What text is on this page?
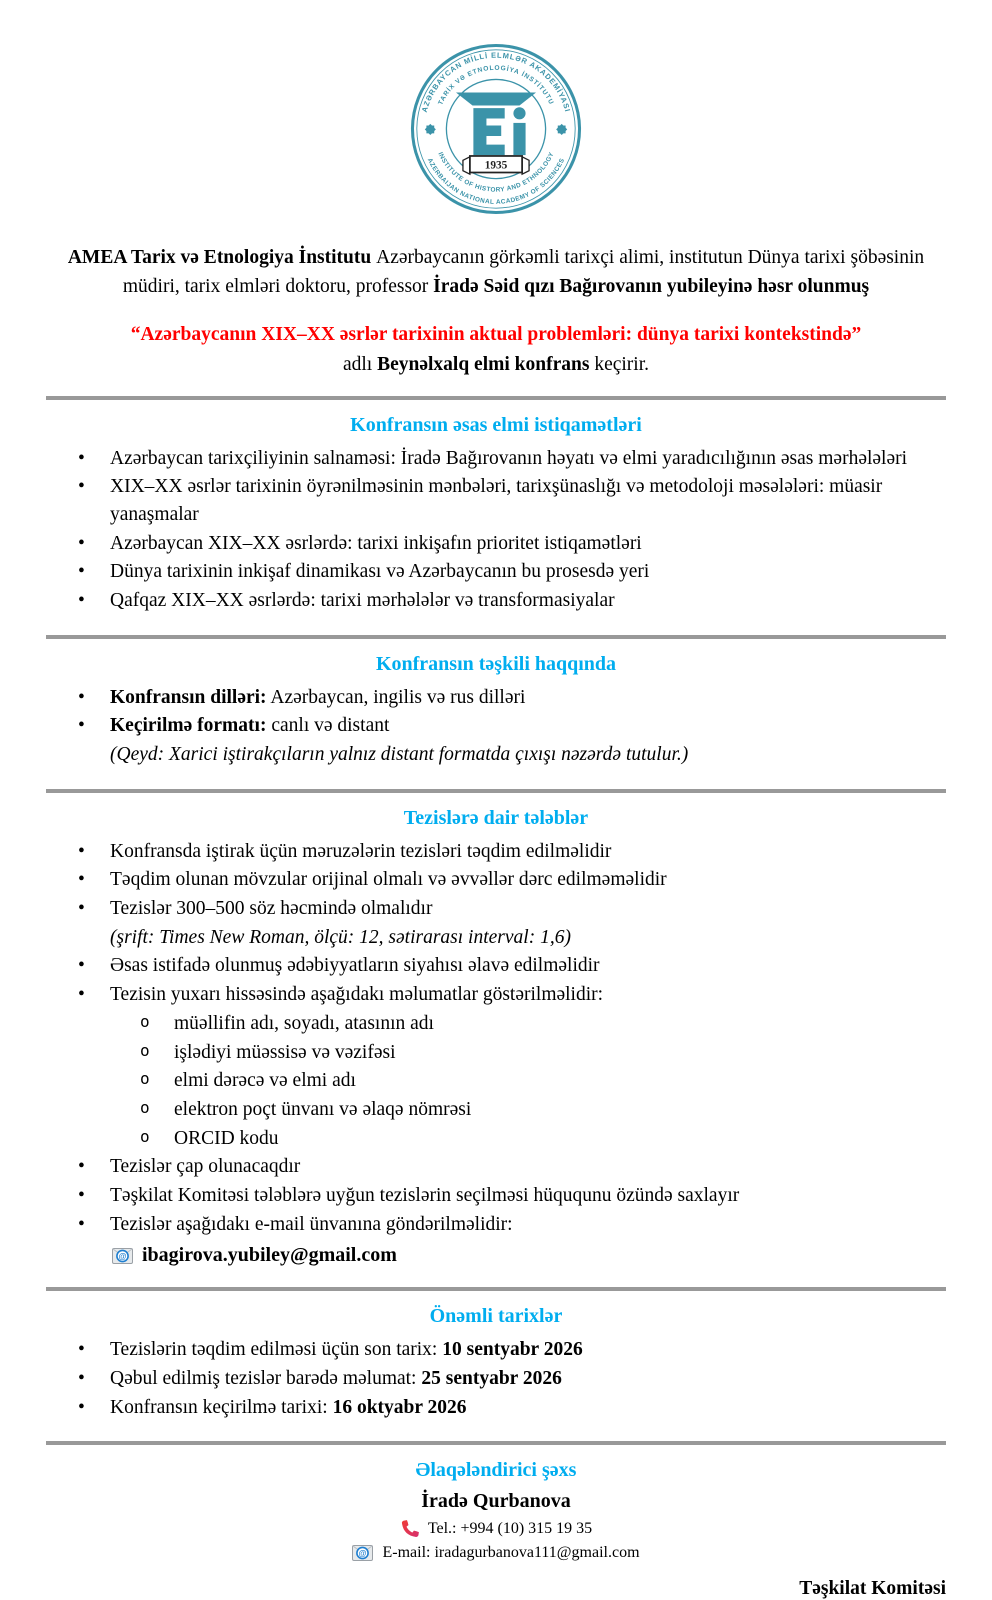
AZƏRBAYCAN MİLLİ ELMLƏR AKADEMİYASI
TARİX VƏ ETNOLOGİYA İNSTİTUTU
INSTITUTE OF HISTORY AND ETHNOLOGY
AZERBAIJAN NATIONAL ACADEMY OF SCIENCES
1935

AMEA Tarix və Etnologiya İnstitutu Azərbaycanın görkəmli tarixçi alimi, institutun Dünya tarixi şöbəsinin müdiri, tarix elmləri doktoru, professor İradə Səid qızı Bağırovanın yubileyinə həsr olunmuş

“Azərbaycanın XIX–XX əsrlər tarixinin aktual problemləri: dünya tarixi kontekstində”

adlı Beynəlxalq elmi konfrans keçirir.

Konfransın əsas elmi istiqamətləri
• Azərbaycan tarixçiliyinin salnaməsi: İradə Bağırovanın həyatı və elmi yaradıcılığının əsas mərhələləri
• XIX–XX əsrlər tarixinin öyrənilməsinin mənbələri, tarixşünaslığı və metodoloji məsələləri: müasir yanaşmalar
• Azərbaycan XIX–XX əsrlərdə: tarixi inkişafın prioritet istiqamətləri
• Dünya tarixinin inkişaf dinamikası və Azərbaycanın bu prosesdə yeri
• Qafqaz XIX–XX əsrlərdə: tarixi mərhələlər və transformasiyalar
Konfransın təşkili haqqında
• Konfransın dilləri: Azərbaycan, ingilis və rus dilləri
• Keçirilmə formatı: canlı və distant
(Qeyd: Xarici iştirakçıların yalnız distant formatda çıxışı nəzərdə tutulur.)
Tezislərə dair tələblər
• Konfransda iştirak üçün məruzələrin tezisləri təqdim edilməlidir
• Təqdim olunan mövzular orijinal olmalı və əvvəllər dərc edilməməlidir
• Tezislər 300–500 söz həcmində olmalıdır
(şrift: Times New Roman, ölçü: 12, sətirarası interval: 1,6)
• Əsas istifadə olunmuş ədəbiyyatların siyahısı əlavə edilməlidir
• Tezisin yuxarı hissəsində aşağıdakı məlumatlar göstərilməlidir:
o müəllifin adı, soyadı, atasının adı
o işlədiyi müəssisə və vəzifəsi
o elmi dərəcə və elmi adı
o elektron poçt ünvanı və əlaqə nömrəsi
o ORCID kodu
• Tezislər çap olunacaqdır
• Təşkilat Komitəsi tələblərə uyğun tezislərin seçilməsi hüququnu özündə saxlayır
• Tezislər aşağıdakı e-mail ünvanına göndərilməlidir:
@ ibagirova.yubiley@gmail.com
Önəmli tarixlər
• Tezislərin təqdim edilməsi üçün son tarix: 10 sentyabr 2026
• Qəbul edilmiş tezislər barədə məlumat: 25 sentyabr 2026
• Konfransın keçirilmə tarixi: 16 oktyabr 2026
Əlaqələndirici şəxs
İradə Qurbanova
Tel.: +994 (10) 315 19 35
@ E-mail: iradagurbanova111@gmail.com
Təşkilat Komitəsi
